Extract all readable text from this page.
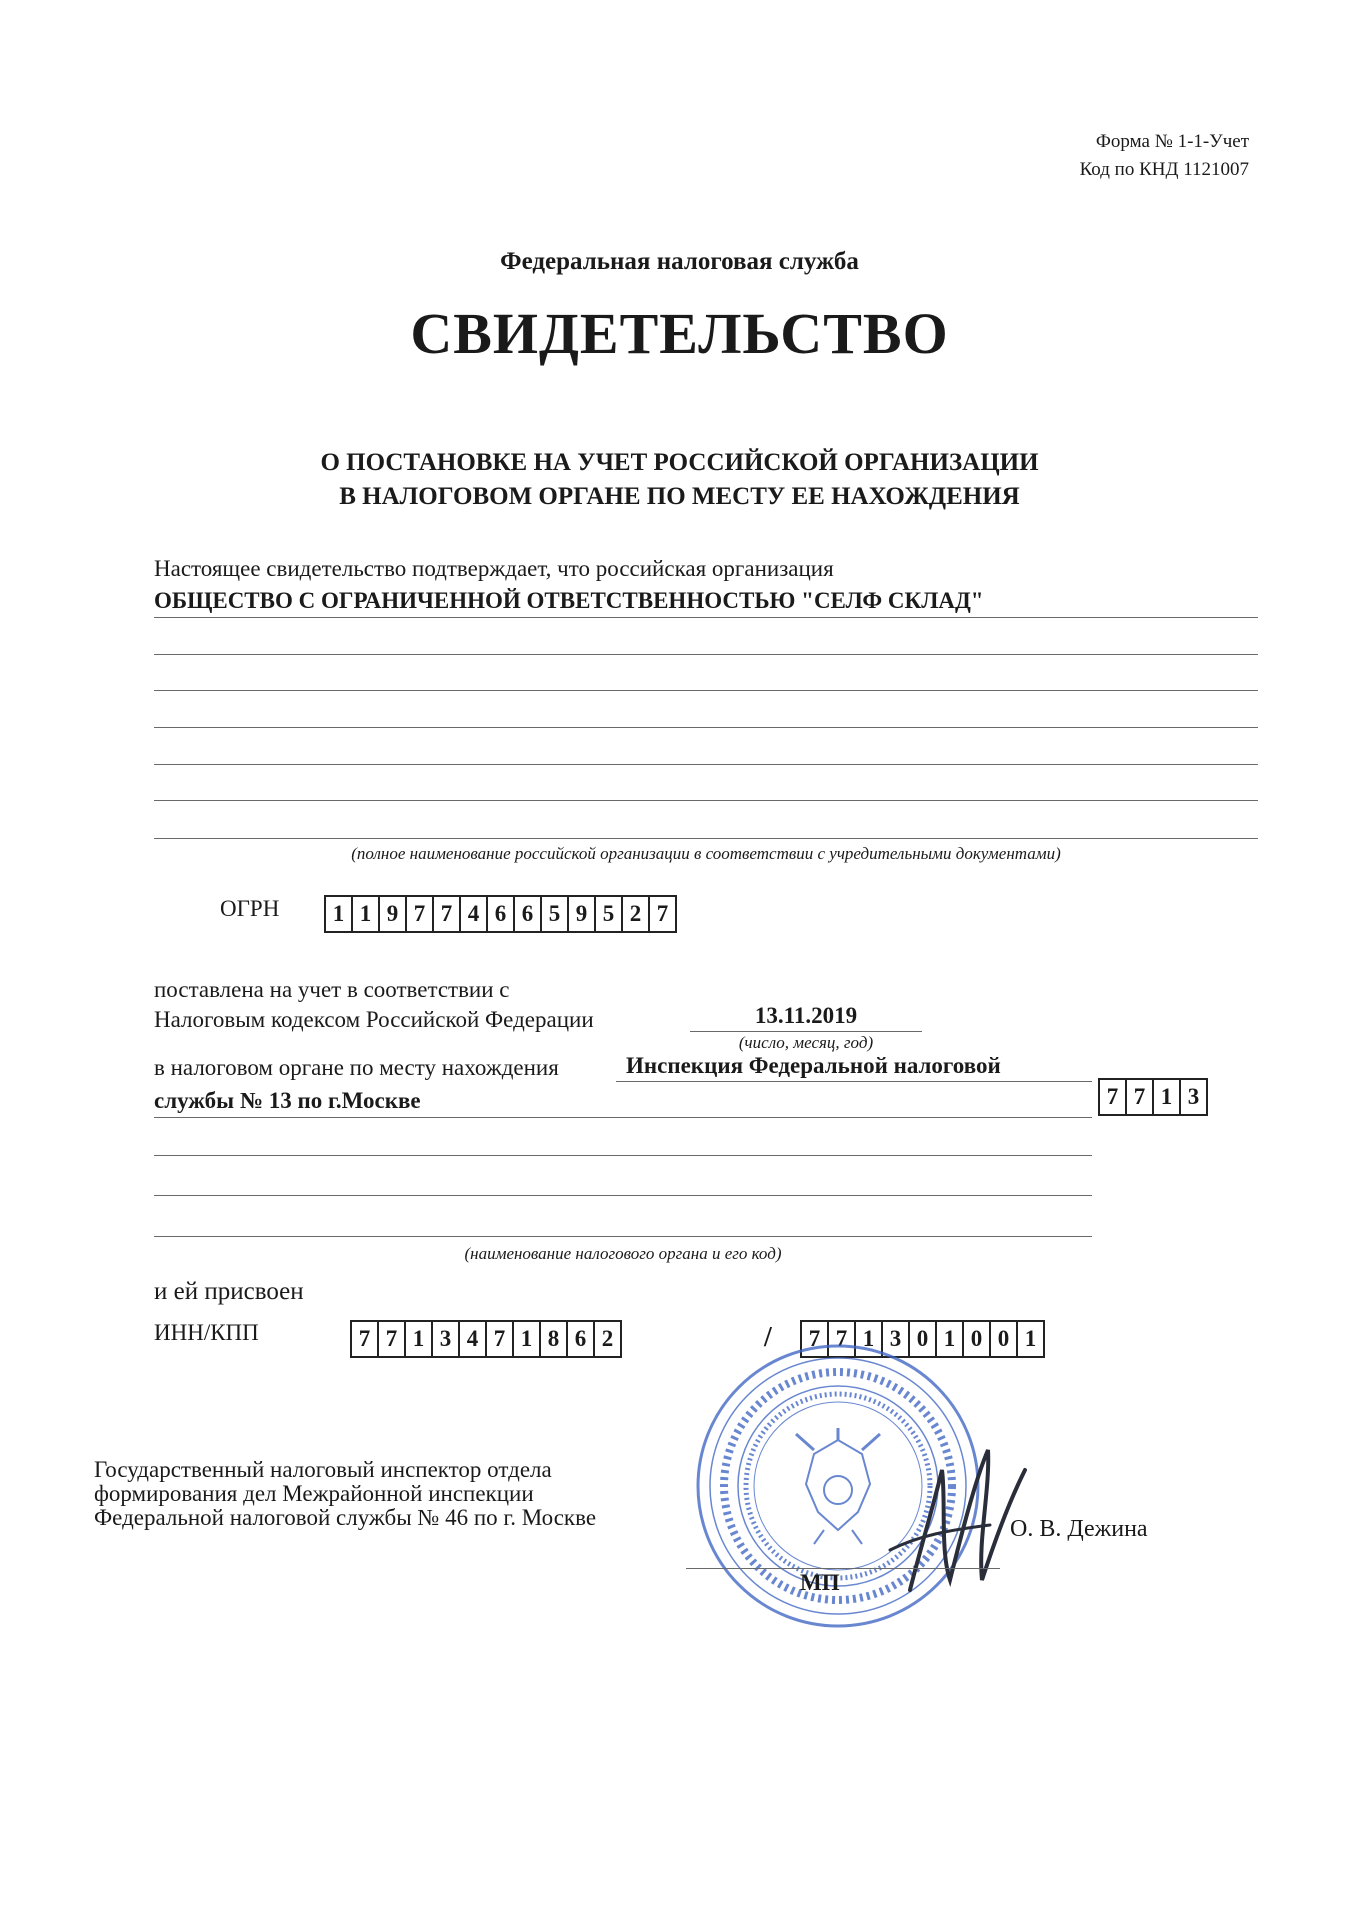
Форма № 1-1-Учет
Код по КНД 1121007
Федеральная налоговая служба
СВИДЕТЕЛЬСТВО
О ПОСТАНОВКЕ НА УЧЕТ РОССИЙСКОЙ ОРГАНИЗАЦИИ
В НАЛОГОВОМ ОРГАНЕ ПО МЕСТУ ЕЕ НАХОЖДЕНИЯ
Настоящее свидетельство подтверждает, что российская организация
ОБЩЕСТВО С ОГРАНИЧЕННОЙ ОТВЕТСТВЕННОСТЬЮ "СЕЛФ СКЛАД"
(полное наименование российской организации в соответствии с учредительными документами)
ОГРН 1 1 9 7 7 4 6 6 5 9 5 2 7
поставлена на учет в соответствии с
Налоговым кодексом Российской Федерации	13.11.2019
(число, месяц, год)
в налоговом органе по месту нахождения	Инспекция Федеральной налоговой
службы № 13 по г.Москве	7 7 1 3
(наименование налогового органа и его код)
и ей присвоен
ИНН/КПП	7 7 1 3 4 7 1 8 6 2	/ 7 7 1 3 0 1 0 0 1
Государственный налоговый инспектор отдела
формирования дел Межрайонной инспекции
Федеральной налоговой службы № 46 по г. Москве	О. В. Дежина
МП
